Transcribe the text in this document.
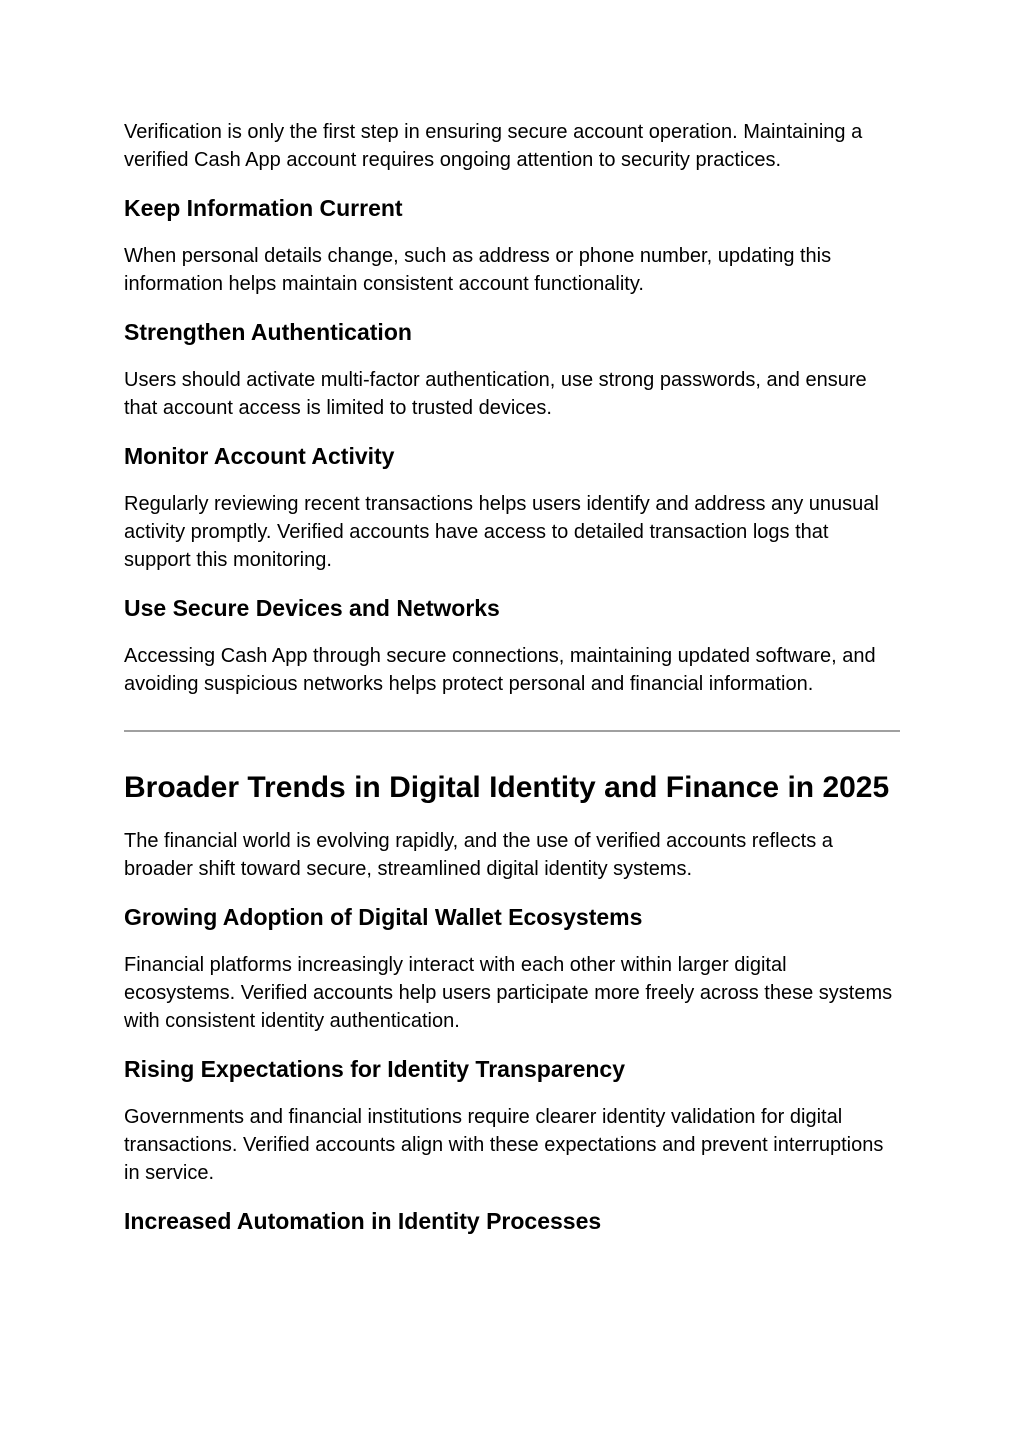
Verification is only the first step in ensuring secure account operation. Maintaining a verified Cash App account requires ongoing attention to security practices.

Keep Information Current

When personal details change, such as address or phone number, updating this information helps maintain consistent account functionality.

Strengthen Authentication

Users should activate multi-factor authentication, use strong passwords, and ensure that account access is limited to trusted devices.

Monitor Account Activity

Regularly reviewing recent transactions helps users identify and address any unusual activity promptly. Verified accounts have access to detailed transaction logs that support this monitoring.

Use Secure Devices and Networks

Accessing Cash App through secure connections, maintaining updated software, and avoiding suspicious networks helps protect personal and financial information.

Broader Trends in Digital Identity and Finance in 2025

The financial world is evolving rapidly, and the use of verified accounts reflects a broader shift toward secure, streamlined digital identity systems.

Growing Adoption of Digital Wallet Ecosystems

Financial platforms increasingly interact with each other within larger digital ecosystems. Verified accounts help users participate more freely across these systems with consistent identity authentication.

Rising Expectations for Identity Transparency

Governments and financial institutions require clearer identity validation for digital transactions. Verified accounts align with these expectations and prevent interruptions in service.

Increased Automation in Identity Processes
